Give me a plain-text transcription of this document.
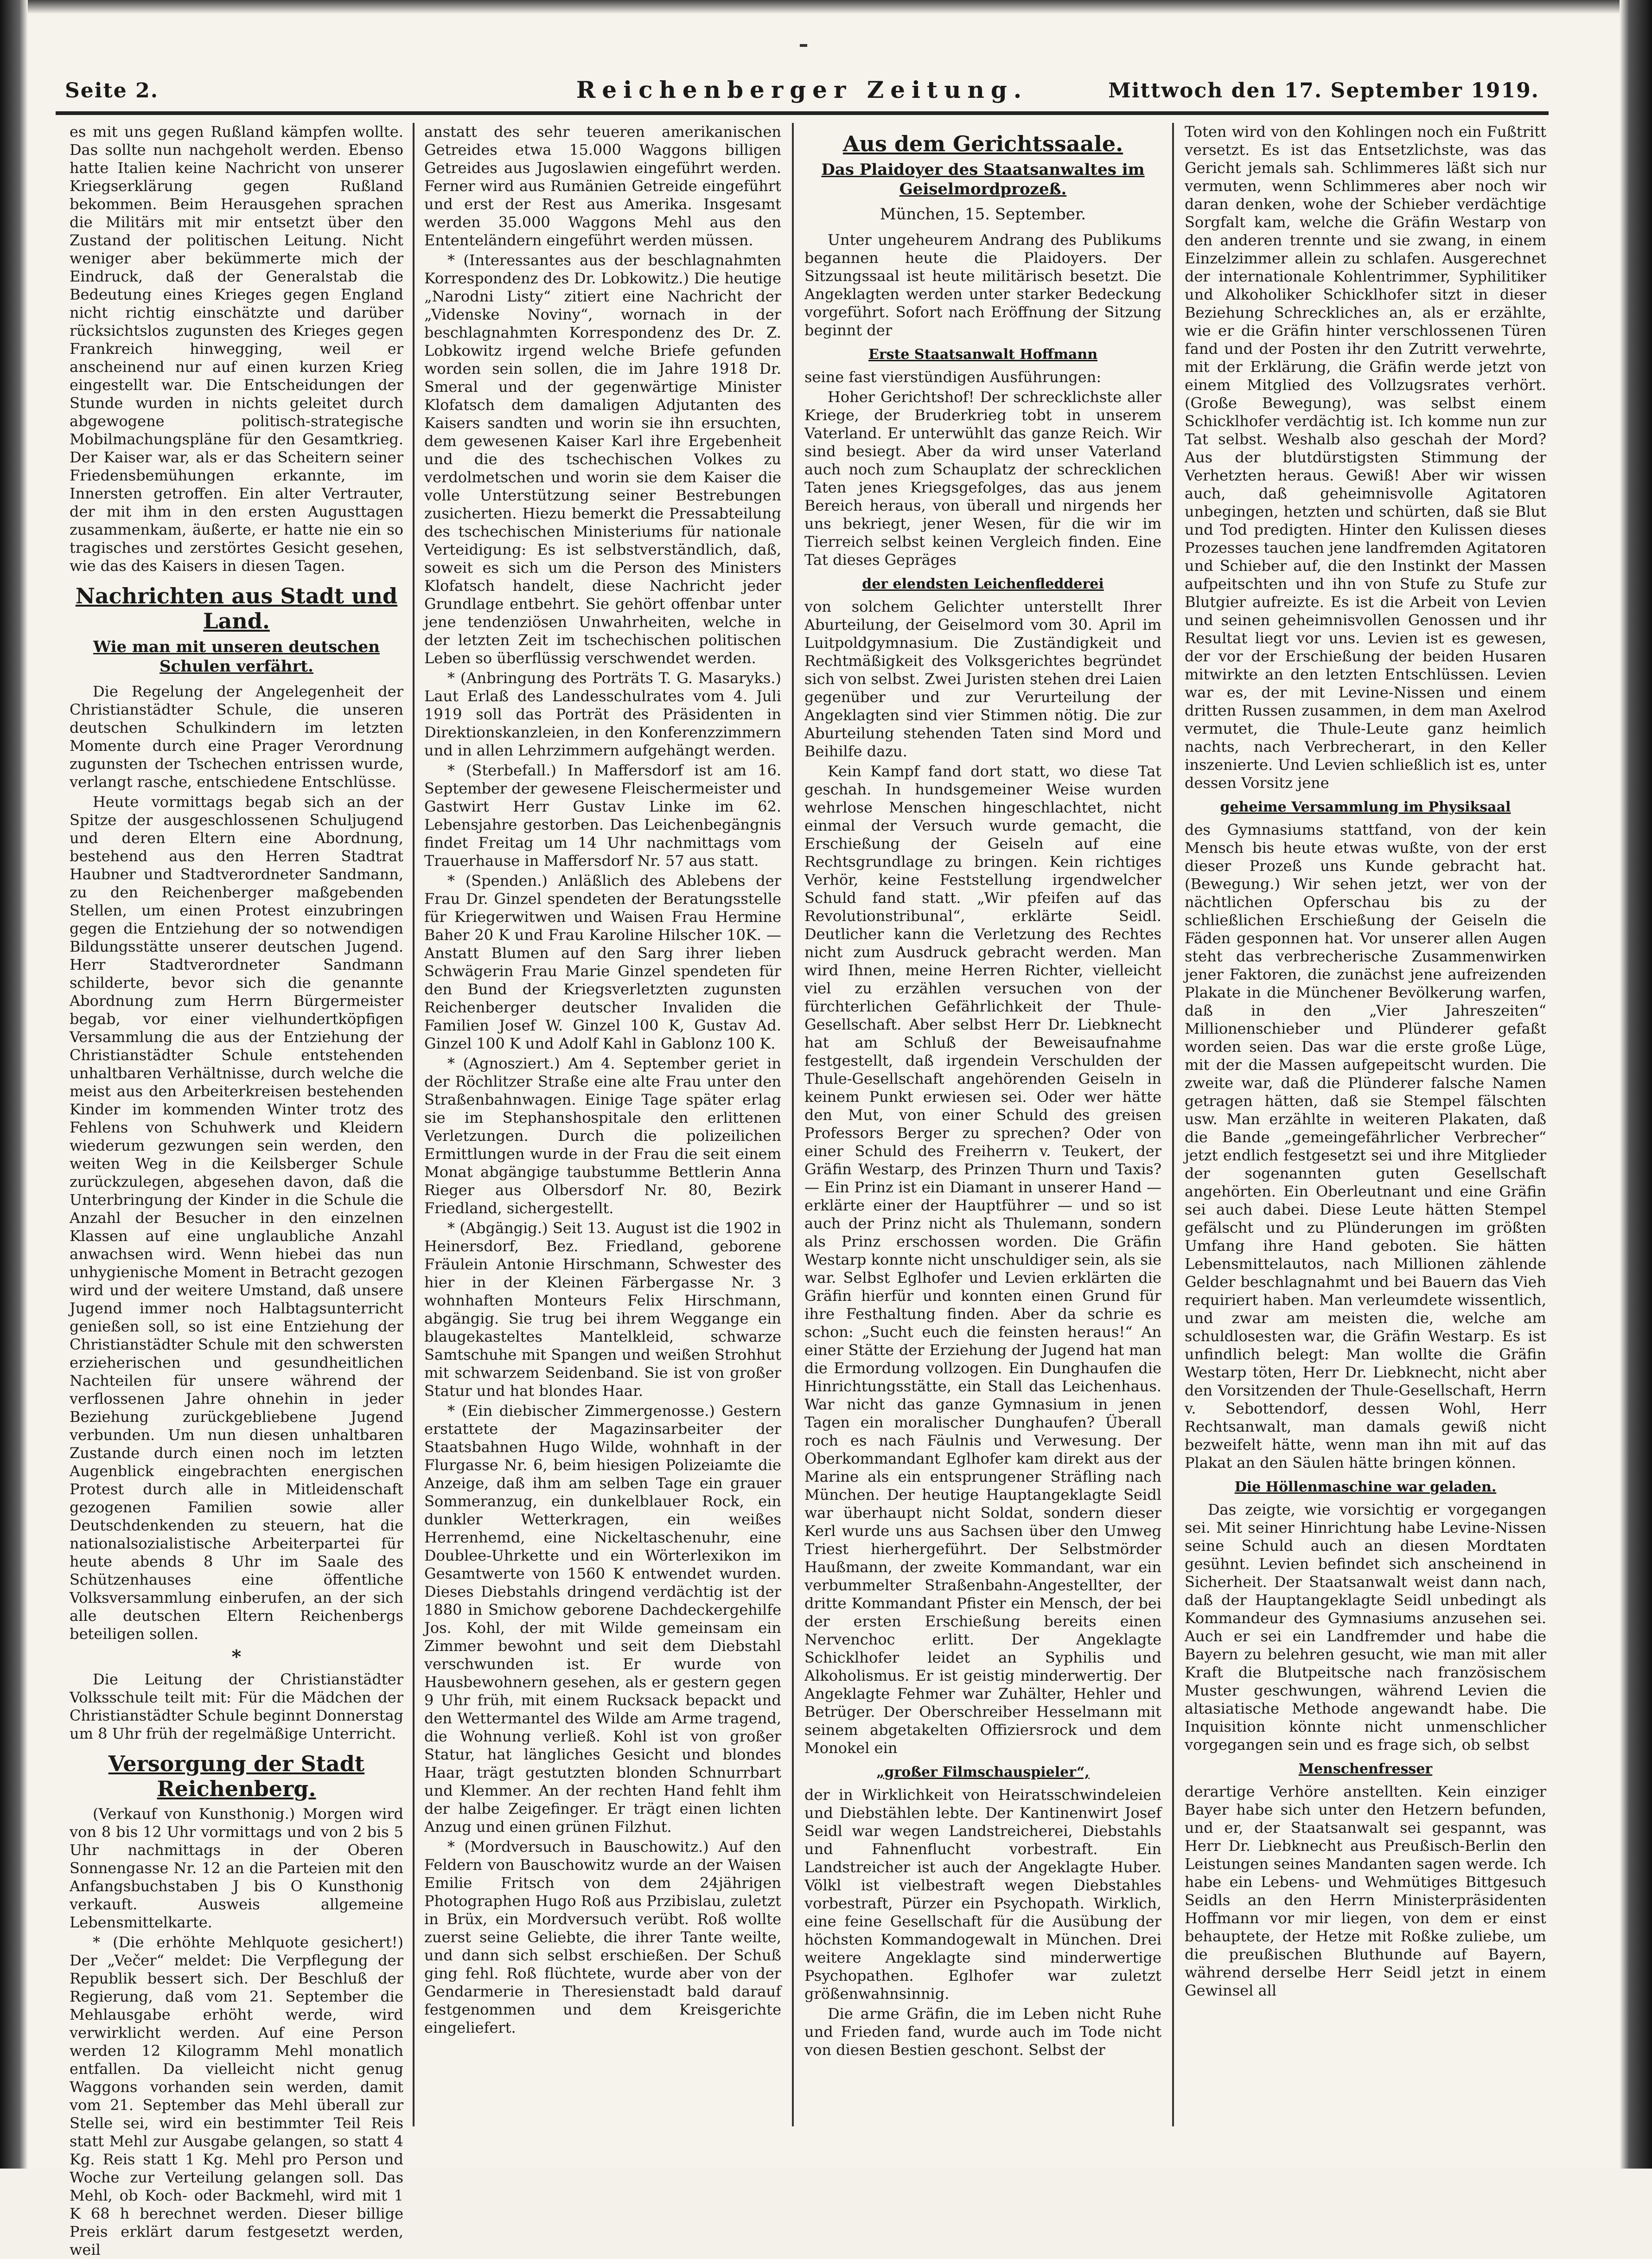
Seite 2.	Reichenberger Zeitung.	Mittwoch den 17. September 1919.

es mit uns gegen Rußland kämpfen wollte. Das sollte nun nachgeholt werden. Ebenso hatte Italien keine Nachricht von unserer Kriegserklärung gegen Rußland bekommen. Beim Herausgehen sprachen die Militärs mit mir entsetzt über den Zustand der politischen Leitung. Nicht weniger aber bekümmerte mich der Eindruck, daß der Generalstab die Bedeutung eines Krieges gegen England nicht richtig einschätzte und darüber rücksichtslos zugunsten des Krieges gegen Frankreich hinwegging, weil er anscheinend nur auf einen kurzen Krieg eingestellt war. Die Entscheidungen der Stunde wurden in nichts geleitet durch abgewogene politisch-strategische Mobilmachungspläne für den Gesamtkrieg. Der Kaiser war, als er das Scheitern seiner Friedensbemühungen erkannte, im Innersten getroffen. Ein alter Vertrauter, der mit ihm in den ersten Augusttagen zusammenkam, äußerte, er hatte nie ein so tragisches und zerstörtes Gesicht gesehen, wie das des Kaisers in diesen Tagen.

Nachrichten aus Stadt und Land.
Wie man mit unseren deutschen Schulen verfährt.

Die Regelung der Angelegenheit der Christianstädter Schule, die unseren deutschen Schulkindern im letzten Momente durch eine Prager Verordnung zugunsten der Tschechen entrissen wurde, verlangt rasche, entschiedene Entschlüsse.

Heute vormittags begab sich an der Spitze der ausgeschlossenen Schuljugend und deren Eltern eine Abordnung, bestehend aus den Herren Stadtrat Haubner und Stadtverordneter Sandmann, zu den Reichenberger maßgebenden Stellen, um einen Protest einzubringen gegen die Entziehung der so notwendigen Bildungsstätte unserer deutschen Jugend. Herr Stadtverordneter Sandmann schilderte, bevor sich die genannte Abordnung zum Herrn Bürgermeister begab, vor einer vielhundertköpfigen Versammlung die aus der Entziehung der Christianstädter Schule entstehenden unhaltbaren Verhältnisse, durch welche die meist aus den Arbeiterkreisen bestehenden Kinder im kommenden Winter trotz des Fehlens von Schuhwerk und Kleidern wiederum gezwungen sein werden, den weiten Weg in die Keilsberger Schule zurückzulegen, abgesehen davon, daß die Unterbringung der Kinder in die Schule die Anzahl der Besucher in den einzelnen Klassen auf eine unglaubliche Anzahl anwachsen wird. Wenn hiebei das nun unhygienische Moment in Betracht gezogen wird und der weitere Umstand, daß unsere Jugend immer noch Halbtagsunterricht genießen soll, so ist eine Entziehung der Christianstädter Schule mit den schwersten erzieherischen und gesundheitlichen Nachteilen für unsere während der verflossenen Jahre ohnehin in jeder Beziehung zurückgebliebene Jugend verbunden. Um nun diesen unhaltbaren Zustande durch einen noch im letzten Augenblick eingebrachten energischen Protest durch alle in Mitleidenschaft gezogenen Familien sowie aller Deutschdenkenden zu steuern, hat die nationalsozialistische Arbeiterpartei für heute abends 8 Uhr im Saale des Schützenhauses eine öffentliche Volksversammlung einberufen, an der sich alle deutschen Eltern Reichenbergs beteiligen sollen.

*

Die Leitung der Christianstädter Volksschule teilt mit: Für die Mädchen der Christianstädter Schule beginnt Donnerstag um 8 Uhr früh der regelmäßige Unterricht.

Versorgung der Stadt Reichenberg.

(Verkauf von Kunsthonig.) Morgen wird von 8 bis 12 Uhr vormittags und von 2 bis 5 Uhr nachmittags in der Oberen Sonnengasse Nr. 12 an die Parteien mit den Anfangsbuchstaben J bis O Kunsthonig verkauft. Ausweis allgemeine Lebensmittelkarte.

* (Die erhöhte Mehlquote gesichert!) Der „Večer“ meldet: Die Verpflegung der Republik bessert sich. Der Beschluß der Regierung, daß vom 21. September die Mehlausgabe erhöht werde, wird verwirklicht werden. Auf eine Person werden 12 Kilogramm Mehl monatlich entfallen. Da vielleicht nicht genug Waggons vorhanden sein werden, damit vom 21. September das Mehl überall zur Stelle sei, wird ein bestimmter Teil Reis statt Mehl zur Ausgabe gelangen, so statt 4 Kg. Reis statt 1 Kg. Mehl pro Person und Woche zur Verteilung gelangen soll. Das Mehl, ob Koch- oder Backmehl, wird mit 1 K 68 h berechnet werden. Dieser billige Preis erklärt darum festgesetzt werden, weil

anstatt des sehr teueren amerikanischen Getreides etwa 15.000 Waggons billigen Getreides aus Jugoslawien eingeführt werden. Ferner wird aus Rumänien Getreide eingeführt und erst der Rest aus Amerika. Insgesamt werden 35.000 Waggons Mehl aus den Ententeländern eingeführt werden müssen.

* (Interessantes aus der beschlagnahmten Korrespondenz des Dr. Lobkowitz.) Die heutige „Narodni Listy“ zitiert eine Nachricht der „Videnske Noviny“, wornach in der beschlagnahmten Korrespondenz des Dr. Z. Lobkowitz irgend welche Briefe gefunden worden sein sollen, die im Jahre 1918 Dr. Smeral und der gegenwärtige Minister Klofatsch dem damaligen Adjutanten des Kaisers sandten und worin sie ihn ersuchten, dem gewesenen Kaiser Karl ihre Ergebenheit und die des tschechischen Volkes zu verdolmetschen und worin sie dem Kaiser die volle Unterstützung seiner Bestrebungen zusicherten. Hiezu bemerkt die Pressabteilung des tschechischen Ministeriums für nationale Verteidigung: Es ist selbstverständlich, daß, soweit es sich um die Person des Ministers Klofatsch handelt, diese Nachricht jeder Grundlage entbehrt. Sie gehört offenbar unter jene tendenziösen Unwahrheiten, welche in der letzten Zeit im tschechischen politischen Leben so überflüssig verschwendet werden.

* (Anbringung des Porträts T. G. Masaryks.) Laut Erlaß des Landesschulrates vom 4. Juli 1919 soll das Porträt des Präsidenten in Direktionskanzleien, in den Konferenzzimmern und in allen Lehrzimmern aufgehängt werden.

* (Sterbefall.) In Maffersdorf ist am 16. September der gewesene Fleischermeister und Gastwirt Herr Gustav Linke im 62. Lebensjahre gestorben. Das Leichenbegängnis findet Freitag um 14 Uhr nachmittags vom Trauerhause in Maffersdorf Nr. 57 aus statt.

* (Spenden.) Anläßlich des Ablebens der Frau Dr. Ginzel spendeten der Beratungsstelle für Kriegerwitwen und Waisen Frau Hermine Baher 20 K und Frau Karoline Hilscher 10K. — Anstatt Blumen auf den Sarg ihrer lieben Schwägerin Frau Marie Ginzel spendeten für den Bund der Kriegsverletzten zugunsten Reichenberger deutscher Invaliden die Familien Josef W. Ginzel 100 K, Gustav Ad. Ginzel 100 K und Adolf Kahl in Gablonz 100 K.

* (Agnosziert.) Am 4. September geriet in der Röchlitzer Straße eine alte Frau unter den Straßenbahnwagen. Einige Tage später erlag sie im Stephanshospitale den erlittenen Verletzungen. Durch die polizeilichen Ermittlungen wurde in der Frau die seit einem Monat abgängige taubstumme Bettlerin Anna Rieger aus Olbersdorf Nr. 80, Bezirk Friedland, sichergestellt.

* (Abgängig.) Seit 13. August ist die 1902 in Heinersdorf, Bez. Friedland, geborene Fräulein Antonie Hirschmann, Schwester des hier in der Kleinen Färbergasse Nr. 3 wohnhaften Monteurs Felix Hirschmann, abgängig. Sie trug bei ihrem Weggange ein blaugekasteltes Mantelkleid, schwarze Samtschuhe mit Spangen und weißen Strohhut mit schwarzem Seidenband. Sie ist von großer Statur und hat blondes Haar.

* (Ein diebischer Zimmergenosse.) Gestern erstattete der Magazinsarbeiter der Staatsbahnen Hugo Wilde, wohnhaft in der Flurgasse Nr. 6, beim hiesigen Polizeiamte die Anzeige, daß ihm am selben Tage ein grauer Sommeranzug, ein dunkelblauer Rock, ein dunkler Wetterkragen, ein weißes Herrenhemd, eine Nickeltaschenuhr, eine Doublee-Uhrkette und ein Wörterlexikon im Gesamtwerte von 1560 K entwendet wurden. Dieses Diebstahls dringend verdächtig ist der 1880 in Smichow geborene Dachdeckergehilfe Jos. Kohl, der mit Wilde gemeinsam ein Zimmer bewohnt und seit dem Diebstahl verschwunden ist. Er wurde von Hausbewohnern gesehen, als er gestern gegen 9 Uhr früh, mit einem Rucksack bepackt und den Wettermantel des Wilde am Arme tragend, die Wohnung verließ. Kohl ist von großer Statur, hat längliches Gesicht und blondes Haar, trägt gestutzten blonden Schnurrbart und Klemmer. An der rechten Hand fehlt ihm der halbe Zeigefinger. Er trägt einen lichten Anzug und einen grünen Filzhut.

* (Mordversuch in Bauschowitz.) Auf den Feldern von Bauschowitz wurde an der Waisen Emilie Fritsch von dem 24jährigen Photographen Hugo Roß aus Przibislau, zuletzt in Brüx, ein Mordversuch verübt. Roß wollte zuerst seine Geliebte, die ihrer Tante weilte, und dann sich selbst erschießen. Der Schuß ging fehl. Roß flüchtete, wurde aber von der Gendarmerie in Theresienstadt bald darauf festgenommen und dem Kreisgerichte eingeliefert.

Aus dem Gerichtssaale.
Das Plaidoyer des Staatsanwaltes im Geiselmordprozeß.
München, 15. September.

Unter ungeheurem Andrang des Publikums begannen heute die Plaidoyers. Der Sitzungssaal ist heute militärisch besetzt. Die Angeklagten werden unter starker Bedeckung vorgeführt. Sofort nach Eröffnung der Sitzung beginnt der

Erste Staatsanwalt Hoffmann

seine fast vierstündigen Ausführungen:

Hoher Gerichtshof! Der schrecklichste aller Kriege, der Bruderkrieg tobt in unserem Vaterland. Er unterwühlt das ganze Reich. Wir sind besiegt. Aber da wird unser Vaterland auch noch zum Schauplatz der schrecklichen Taten jenes Kriegsgefolges, das aus jenem Bereich heraus, von überall und nirgends her uns bekriegt, jener Wesen, für die wir im Tierreich selbst keinen Vergleich finden. Eine Tat dieses Gepräges

der elendsten Leichenfledderei

von solchem Gelichter unterstellt Ihrer Aburteilung, der Geiselmord vom 30. April im Luitpoldgymnasium. Die Zuständigkeit und Rechtmäßigkeit des Volksgerichtes begründet sich von selbst. Zwei Juristen stehen drei Laien gegenüber und zur Verurteilung der Angeklagten sind vier Stimmen nötig. Die zur Aburteilung stehenden Taten sind Mord und Beihilfe dazu.

Kein Kampf fand dort statt, wo diese Tat geschah. In hundsgemeiner Weise wurden wehrlose Menschen hingeschlachtet, nicht einmal der Versuch wurde gemacht, die Erschießung der Geiseln auf eine Rechtsgrundlage zu bringen. Kein richtiges Verhör, keine Feststellung irgendwelcher Schuld fand statt. „Wir pfeifen auf das Revolutionstribunal“, erklärte Seidl. Deutlicher kann die Verletzung des Rechtes nicht zum Ausdruck gebracht werden. Man wird Ihnen, meine Herren Richter, vielleicht viel zu erzählen versuchen von der fürchterlichen Gefährlichkeit der Thule-Gesellschaft. Aber selbst Herr Dr. Liebknecht hat am Schluß der Beweisaufnahme festgestellt, daß irgendein Verschulden der Thule-Gesellschaft angehörenden Geiseln in keinem Punkt erwiesen sei. Oder wer hätte den Mut, von einer Schuld des greisen Professors Berger zu sprechen? Oder von einer Schuld des Freiherrn v. Teukert, der Gräfin Westarp, des Prinzen Thurn und Taxis? — Ein Prinz ist ein Diamant in unserer Hand — erklärte einer der Hauptführer — und so ist auch der Prinz nicht als Thulemann, sondern als Prinz erschossen worden. Die Gräfin Westarp konnte nicht unschuldiger sein, als sie war. Selbst Eglhofer und Levien erklärten die Gräfin hierfür und konnten einen Grund für ihre Festhaltung finden. Aber da schrie es schon: „Sucht euch die feinsten heraus!“ An einer Stätte der Erziehung der Jugend hat man die Ermordung vollzogen. Ein Dunghaufen die Hinrichtungsstätte, ein Stall das Leichenhaus. War nicht das ganze Gymnasium in jenen Tagen ein moralischer Dunghaufen? Überall roch es nach Fäulnis und Verwesung. Der Oberkommandant Eglhofer kam direkt aus der Marine als ein entsprungener Sträfling nach München. Der heutige Hauptangeklagte Seidl war überhaupt nicht Soldat, sondern dieser Kerl wurde uns aus Sachsen über den Umweg Triest hierhergeführt. Der Selbstmörder Haußmann, der zweite Kommandant, war ein verbummelter Straßenbahn-Angestellter, der dritte Kommandant Pfister ein Mensch, der bei der ersten Erschießung bereits einen Nervenchoc erlitt. Der Angeklagte Schicklhofer leidet an Syphilis und Alkoholismus. Er ist geistig minderwertig. Der Angeklagte Fehmer war Zuhälter, Hehler und Betrüger. Der Oberschreiber Hesselmann mit seinem abgetakelten Offiziersrock und dem Monokel ein

„großer Filmschauspieler“,

der in Wirklichkeit von Heiratsschwindeleien und Diebstählen lebte. Der Kantinenwirt Josef Seidl war wegen Landstreicherei, Diebstahls und Fahnenflucht vorbestraft. Ein Landstreicher ist auch der Angeklagte Huber. Völkl ist vielbestraft wegen Diebstahles vorbestraft, Pürzer ein Psychopath. Wirklich, eine feine Gesellschaft für die Ausübung der höchsten Kommandogewalt in München. Drei weitere Angeklagte sind minderwertige Psychopathen. Eglhofer war zuletzt größenwahnsinnig.

Die arme Gräfin, die im Leben nicht Ruhe und Frieden fand, wurde auch im Tode nicht von diesen Bestien geschont. Selbst der

Toten wird von den Kohlingen noch ein Fußtritt versetzt. Es ist das Entsetzlichste, was das Gericht jemals sah. Schlimmeres läßt sich nur vermuten, wenn Schlimmeres aber noch wir daran denken, wohe der Schieber verdächtige Sorgfalt kam, welche die Gräfin Westarp von den anderen trennte und sie zwang, in einem Einzelzimmer allein zu schlafen. Ausgerechnet der internationale Kohlentrimmer, Syphilitiker und Alkoholiker Schicklhofer sitzt in dieser Beziehung Schreckliches an, als er erzählte, wie er die Gräfin hinter verschlossenen Türen fand und der Posten ihr den Zutritt verwehrte, mit der Erklärung, die Gräfin werde jetzt von einem Mitglied des Vollzugsrates verhört. (Große Bewegung), was selbst einem Schicklhofer verdächtig ist. Ich komme nun zur Tat selbst. Weshalb also geschah der Mord? Aus der blutdürstigsten Stimmung der Verhetzten heraus. Gewiß! Aber wir wissen auch, daß geheimnisvolle Agitatoren unbegingen, hetzten und schürten, daß sie Blut und Tod predigten. Hinter den Kulissen dieses Prozesses tauchen jene landfremden Agitatoren und Schieber auf, die den Instinkt der Massen aufpeitschten und ihn von Stufe zu Stufe zur Blutgier aufreizte. Es ist die Arbeit von Levien und seinen geheimnisvollen Genossen und ihr Resultat liegt vor uns. Levien ist es gewesen, der vor der Erschießung der beiden Husaren mitwirkte an den letzten Entschlüssen. Levien war es, der mit Levine-Nissen und einem dritten Russen zusammen, in dem man Axelrod vermutet, die Thule-Leute ganz heimlich nachts, nach Verbrecherart, in den Keller inszenierte. Und Levien schließlich ist es, unter dessen Vorsitz jene

geheime Versammlung im Physiksaal

des Gymnasiums stattfand, von der kein Mensch bis heute etwas wußte, von der erst dieser Prozeß uns Kunde gebracht hat. (Bewegung.) Wir sehen jetzt, wer von der nächtlichen Opferschau bis zu der schließlichen Erschießung der Geiseln die Fäden gesponnen hat. Vor unserer allen Augen steht das verbrecherische Zusammenwirken jener Faktoren, die zunächst jene aufreizenden Plakate in die Münchener Bevölkerung warfen, daß in den „Vier Jahreszeiten“ Millionenschieber und Plünderer gefaßt worden seien. Das war die erste große Lüge, mit der die Massen aufgepeitscht wurden. Die zweite war, daß die Plünderer falsche Namen getragen hätten, daß sie Stempel fälschten usw. Man erzählte in weiteren Plakaten, daß die Bande „gemeingefährlicher Verbrecher“ jetzt endlich festgesetzt sei und ihre Mitglieder der sogenannten guten Gesellschaft angehörten. Ein Oberleutnant und eine Gräfin sei auch dabei. Diese Leute hätten Stempel gefälscht und zu Plünderungen im größten Umfang ihre Hand geboten. Sie hätten Lebensmittelautos, nach Millionen zählende Gelder beschlagnahmt und bei Bauern das Vieh requiriert haben. Man verleumdete wissentlich, und zwar am meisten die, welche am schuldlosesten war, die Gräfin Westarp. Es ist unfindlich belegt: Man wollte die Gräfin Westarp töten, Herr Dr. Liebknecht, nicht aber den Vorsitzenden der Thule-Gesellschaft, Herrn v. Sebottendorf, dessen Wohl, Herr Rechtsanwalt, man damals gewiß nicht bezweifelt hätte, wenn man ihn mit auf das Plakat an den Säulen hätte bringen können.

Die Höllenmaschine war geladen.

Das zeigte, wie vorsichtig er vorgegangen sei. Mit seiner Hinrichtung habe Levine-Nissen seine Schuld auch an diesen Mordtaten gesühnt. Levien befindet sich anscheinend in Sicherheit. Der Staatsanwalt weist dann nach, daß der Hauptangeklagte Seidl unbedingt als Kommandeur des Gymnasiums anzusehen sei. Auch er sei ein Landfremder und habe die Bayern zu belehren gesucht, wie man mit aller Kraft die Blutpeitsche nach französischem Muster geschwungen, während Levien die altasiatische Methode angewandt habe. Die Inquisition könnte nicht unmenschlicher vorgegangen sein und es frage sich, ob selbst

Menschenfresser

derartige Verhöre anstellten. Kein einziger Bayer habe sich unter den Hetzern befunden, und er, der Staatsanwalt sei gespannt, was Herr Dr. Liebknecht aus Preußisch-Berlin den Leistungen seines Mandanten sagen werde. Ich habe ein Lebens- und Wehmütiges Bittgesuch Seidls an den Herrn Ministerpräsidenten Hoffmann vor mir liegen, von dem er einst behauptete, der Hetze mit Roßke zuliebe, um die preußischen Bluthunde auf Bayern, während derselbe Herr Seidl jetzt in einem Gewinsel all
